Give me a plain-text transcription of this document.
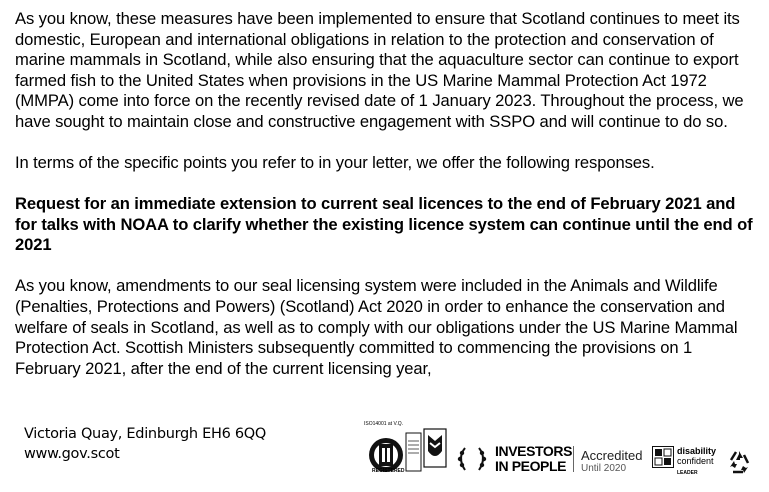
As you know, these measures have been implemented to ensure that Scotland continues to meet its domestic, European and international obligations in relation to the protection and conservation of marine mammals in Scotland, while also ensuring that the aquaculture sector can continue to export farmed fish to the United States when provisions in the US Marine Mammal Protection Act 1972 (MMPA) come into force on the recently revised date of 1 January 2023. Throughout the process, we have sought to maintain close and constructive engagement with SSPO and will continue to do so.

In terms of the specific points you refer to in your letter, we offer the following responses.

Request for an immediate extension to current seal licences to the end of February 2021 and for talks with NOAA to clarify whether the existing licence system can continue until the end of 2021

As you know, amendments to our seal licensing system were included in the Animals and Wildlife (Penalties, Protections and Powers) (Scotland) Act 2020 in order to enhance the conservation and welfare of seals in Scotland, as well as to comply with our obligations under the US Marine Mammal Protection Act. Scottish Ministers subsequently committed to commencing the provisions on 1 February 2021, after the end of the current licensing year,

Victoria Quay, Edinburgh EH6 6QQ
www.gov.scot
ISO14001 at V.Q.
REGISTERED
INVESTORS
IN PEOPLE
Accredited
Until 2020
disability
confident
LEADER
